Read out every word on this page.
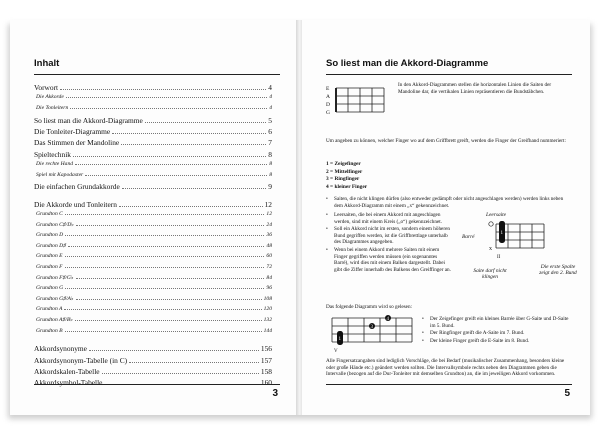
Inhalt
Vorwort	4
Die Akkorde	4
Die Tonleitern	4
So liest man die Akkord-Diagramme	5
Die Tonleiter-Diagramme	6
Das Stimmen der Mandoline	7
Spieltechnik	8
Die rechte Hand	8
Spiel mit Kapodaster	8
Die einfachen Grundakkorde	9
Die Akkorde und Tonleitern	12
Grundton C	12
Grundton C♯/D♭	24
Grundton D	36
Grundton D♯	48
Grundton E	60
Grundton F	72
Grundton F♯/G♭	84
Grundton G	96
Grundton G♯/A♭	108
Grundton A	120
Grundton A♯/B♭	132
Grundton B	144
Akkordsynonyme	156
Akkordsynonym-Tabelle (in C)	157
Akkordskalen-Tabelle	158
Akkordsymbol-Tabelle	160
3
So liest man die Akkord-Diagramme
E
A
D
G
In den Akkord-Diagrammen stellen die horizontalen Linien die Saiten der Mandoline dar, die vertikalen Linien repräsentieren die Bundstäbchen.
Um angeben zu können, welcher Finger wo auf dem Griffbrett greift, werden die Finger der Greifhand nummeriert:
1 = Zeigefinger
2 = Mittelfinger
3 = Ringfinger
4 = kleiner Finger
•	Saiten, die nicht klingen dürfen (also entweder gedämpft oder nicht angeschlagen werden) werden links neben dem Akkord-Diagramm mit einem „x“ gekennzeichnet.
•	Leersaiten, die bei einem Akkord mit angeschlagen werden, sind mit einem Kreis („o“) gekennzeichnet.
•	Soll ein Akkord nicht im ersten, sondern einem höheren Bund gegriffen werden, ist die Griffbrettlage unterhalb des Diagrammes angegeben.
•	Wenn bei einem Akkord mehrere Saiten mit einem Finger gegriffen werden müssen (ein sogenanntes Barré), wird dies mit einem Balken dargestellt. Dabei gibt die Ziffer innerhalb des Balkens den Greiffinger an.
Leersaite
Barré
1
x
II
Saite darf nicht klingen
Die erste Spalte zeigt den 2. Bund
Das folgende Diagramm wird so gelesen:
1
3
4
V
•	Der Zeigefinger greift ein kleines Barrée über G-Saite und D-Saite im 5. Bund.
•	Der Ringfinger greift die A-Saite im 7. Bund.
•	Der kleine Finger greift die E-Saite im 8. Bund.
Alle Fingersatzangaben sind lediglich Vorschläge, die bei Bedarf (musikalischer Zusammenhang, besonders kleine oder große Hände etc.) geändert werden sollten. Die Intervallsymbole rechts neben den Diagrammen geben die Intervalle (bezogen auf die Dur-Tonleiter mit demselben Grundton) an, die im jeweiligen Akkord vorkommen.
5
